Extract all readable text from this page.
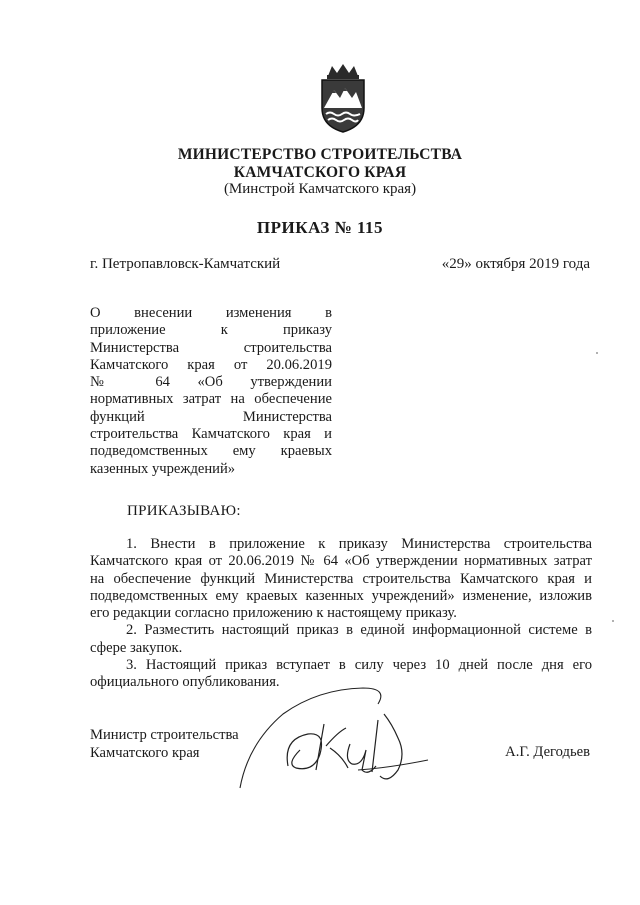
МИНИСТЕРСТВО СТРОИТЕЛЬСТВА
КАМЧАТСКОГО КРАЯ
(Минстрой Камчатского края)
ПРИКАЗ № 115
г. Петропавловск-Камчатский	«29» октября 2019 года
О внесении изменения в
приложение к приказу
Министерства строительства
Камчатского края от 20.06.2019
№ 64 «Об утверждении
нормативных затрат на обеспечение
функций Министерства
строительства Камчатского края и
подведомственных ему краевых
казенных учреждений»
ПРИКАЗЫВАЮ:
1. Внести в приложение к приказу Министерства строительства
Камчатского края от 20.06.2019 № 64 «Об утверждении нормативных затрат
на обеспечение функций Министерства строительства Камчатского края и
подведомственных ему краевых казенных учреждений» изменение, изложив
его редакции согласно приложению к настоящему приказу.
2. Разместить настоящий приказ в единой информационной системе в
сфере закупок.
3. Настоящий приказ вступает в силу через 10 дней после дня его
официального опубликования.
Министр строительства
Камчатского края	А.Г. Дегодьев
